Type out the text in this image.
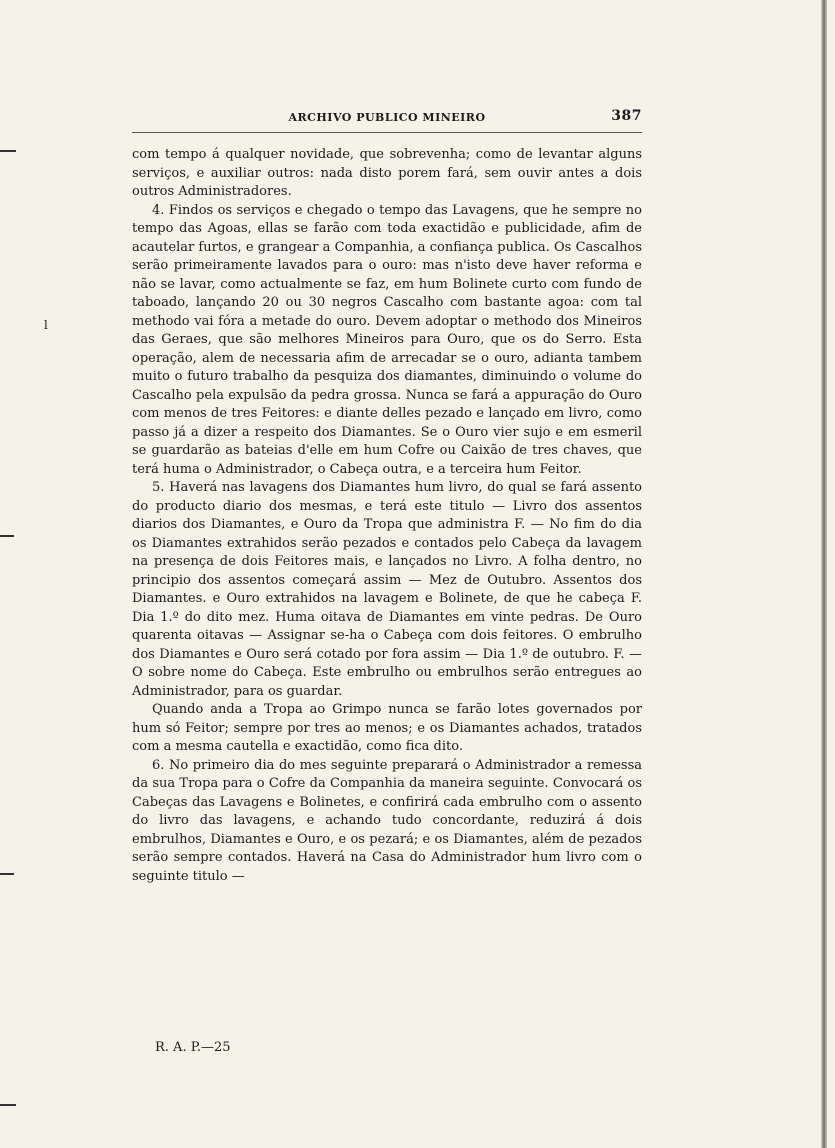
l
ARCHIVO PUBLICO MINEIRO	387

com tempo á qualquer novidade, que sobrevenha; como de levantar alguns serviços, e auxiliar outros: nada disto porem fará, sem ouvir antes a dois outros Administradores.

4. Findos os serviços e chegado o tempo das Lavagens, que he sempre no tempo das Agoas, ellas se farão com toda exactidão e publicidade, afim de acautelar furtos, e grangear a Companhia, a confiança publica. Os Cascalhos serão primeiramente lavados para o ouro: mas n'isto deve haver reforma e não se lavar, como actualmente se faz, em hum Bolinete curto com fundo de taboado, lançando 20 ou 30 negros Cascalho com bastante agoa: com tal methodo vai fóra a metade do ouro. Devem adoptar o methodo dos Mineiros das Geraes, que são melhores Mineiros para Ouro, que os do Serro. Esta operação, alem de necessaria afim de arrecadar se o ouro, adianta tambem muito o futuro trabalho da pesquiza dos diamantes, diminuindo o volume do Cascalho pela expulsão da pedra grossa. Nunca se fará a appuração do Ouro com menos de tres Feitores: e diante delles pezado e lançado em livro, como passo já a dizer a respeito dos Diamantes. Se o Ouro vier sujo e em esmeril se guardarão as bateias d'elle em hum Cofre ou Caixão de tres chaves, que terá huma o Administrador, o Cabeça outra, e a terceira hum Feitor.

5. Haverá nas lavagens dos Diamantes hum livro, do qual se fará assento do producto diario dos mesmas, e terá este titulo — Livro dos assentos diarios dos Diamantes, e Ouro da Tropa que administra F. — No fim do dia os Diamantes extrahidos serão pezados e contados pelo Cabeça da lavagem na presença de dois Feitores mais, e lançados no Livro. A folha dentro, no principio dos assentos começará assim — Mez de Outubro. Assentos dos Diamantes. e Ouro extrahidos na lavagem e Bolinete, de que he cabeça F. Dia 1.º do dito mez. Huma oitava de Diamantes em vinte pedras. De Ouro quarenta oitavas — Assignar se-ha o Cabeça com dois feitores. O embrulho dos Diamantes e Ouro será cotado por fora assim — Dia 1.º de outubro. F. — O sobre nome do Cabeça. Este embrulho ou embrulhos serão entregues ao Administrador, para os guardar.

Quando anda a Tropa ao Grimpo nunca se farão lotes governados por hum só Feitor; sempre por tres ao menos; e os Diamantes achados, tratados com a mesma cautella e exactidão, como fica dito.

6. No primeiro dia do mes seguinte preparará o Administrador a remessa da sua Tropa para o Cofre da Companhia da maneira seguinte. Convocará os Cabeças das Lavagens e Bolinetes, e confirirá cada embrulho com o assento do livro das lavagens, e achando tudo concordante, reduzirá á dois embrulhos, Diamantes e Ouro, e os pezará; e os Diamantes, além de pezados serão sempre contados. Haverá na Casa do Administrador hum livro com o seguinte titulo —

R. A. P.—25
